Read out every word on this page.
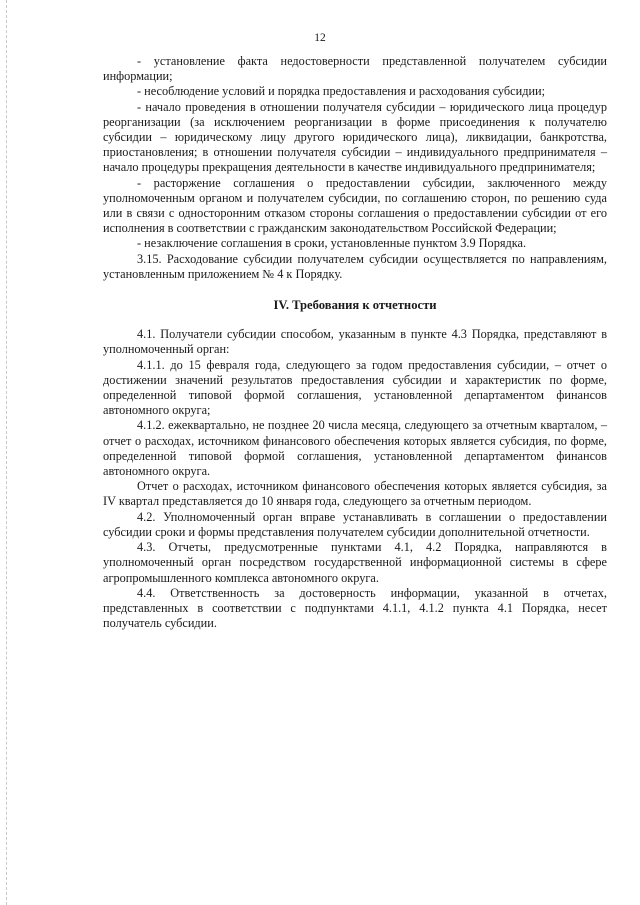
12

- установление факта недостоверности представленной получателем субсидии информации;

- несоблюдение условий и порядка предоставления и расходования субсидии;

- начало проведения в отношении получателя субсидии – юридического лица процедур реорганизации (за исключением реорганизации в форме присоединения к получателю субсидии – юридическому лицу другого юридического лица), ликвидации, банкротства, приостановления; в отношении получателя субсидии – индивидуального предпринимателя – начало процедуры прекращения деятельности в качестве индивидуального предпринимателя;

- расторжение соглашения о предоставлении субсидии, заключенного между уполномоченным органом и получателем субсидии, по соглашению сторон, по решению суда или в связи с односторонним отказом стороны соглашения о предоставлении субсидии от его исполнения в соответствии с гражданским законодательством Российской Федерации;

- незаключение соглашения в сроки, установленные пунктом 3.9 Порядка.

3.15. Расходование субсидии получателем субсидии осуществляется по направлениям, установленным приложением № 4 к Порядку.

IV. Требования к отчетности

4.1. Получатели субсидии способом, указанным в пункте 4.3 Порядка, представляют в уполномоченный орган:

4.1.1. до 15 февраля года, следующего за годом предоставления субсидии, – отчет о достижении значений результатов предоставления субсидии и характеристик по форме, определенной типовой формой соглашения, установленной департаментом финансов автономного округа;

4.1.2. ежеквартально, не позднее 20 числа месяца, следующего за отчетным кварталом, – отчет о расходах, источником финансового обеспечения которых является субсидия, по форме, определенной типовой формой соглашения, установленной департаментом финансов автономного округа.

Отчет о расходах, источником финансового обеспечения которых является субсидия, за IV квартал представляется до 10 января года, следующего за отчетным периодом.

4.2. Уполномоченный орган вправе устанавливать в соглашении о предоставлении субсидии сроки и формы представления получателем субсидии дополнительной отчетности.

4.3. Отчеты, предусмотренные пунктами 4.1, 4.2 Порядка, направляются в уполномоченный орган посредством государственной информационной системы в сфере агропромышленного комплекса автономного округа.

4.4. Ответственность за достоверность информации, указанной в отчетах, представленных в соответствии с подпунктами 4.1.1, 4.1.2 пункта 4.1 Порядка, несет получатель субсидии.
